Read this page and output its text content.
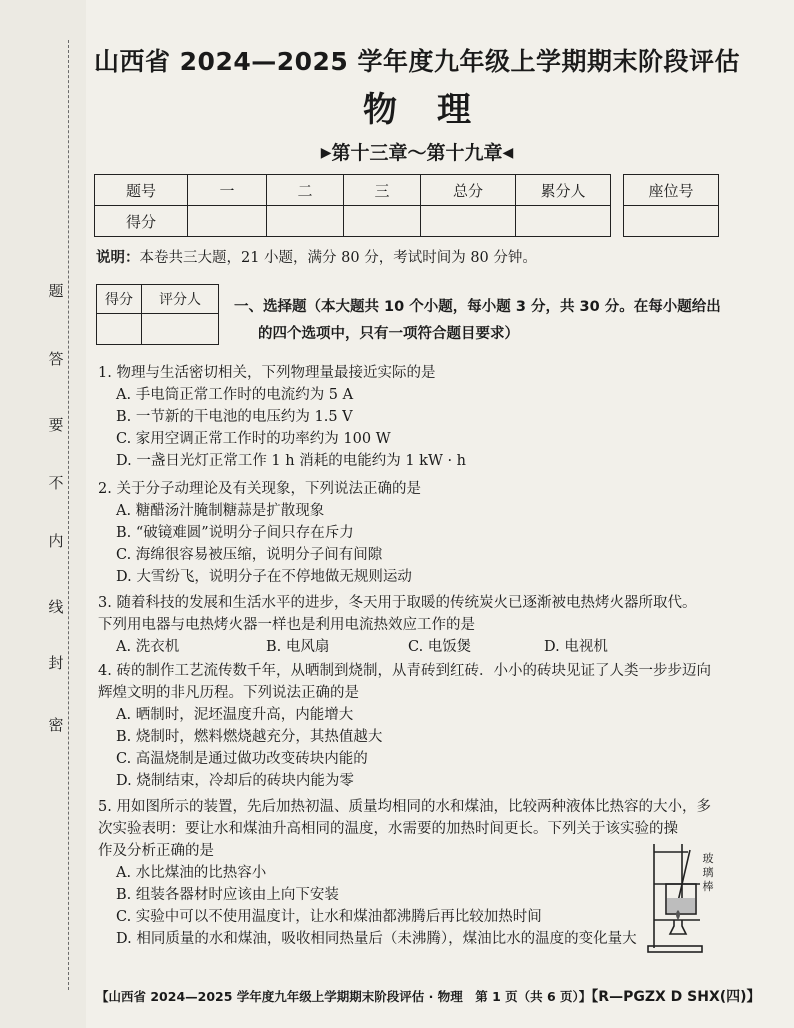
题
答
要
不
内
线
封
密
山西省 2024—2025 学年度九年级上学期期末阶段评估
物理
▶第十三章～第十九章◀
题号	一	二	三	总分	累分人
得分					
座位号

说明：本卷共三大题，21 小题，满分 80 分，考试时间为 80 分钟。
得分	评分人
	一、选择题（本大题共 10 个小题，每小题 3 分，共 30 分。在每小题给出
的四个选项中，只有一项符合题目要求）
1. 物理与生活密切相关，下列物理量最接近实际的是
A. 手电筒正常工作时的电流约为 5 A
B. 一节新的干电池的电压约为 1.5 V
C. 家用空调正常工作时的功率约为 100 W
D. 一盏日光灯正常工作 1 h 消耗的电能约为 1 kW · h
2. 关于分子动理论及有关现象，下列说法正确的是
A. 糖醋汤汁腌制糖蒜是扩散现象
B. “破镜难圆”说明分子间只存在斥力
C. 海绵很容易被压缩，说明分子间有间隙
D. 大雪纷飞，说明分子在不停地做无规则运动
3. 随着科技的发展和生活水平的进步，冬天用于取暖的传统炭火已逐渐被电热烤火器所取代。
下列用电器与电热烤火器一样也是利用电流热效应工作的是
A. 洗衣机	B. 电风扇	C. 电饭煲	D. 电视机
4. 砖的制作工艺流传数千年，从晒制到烧制，从青砖到红砖．小小的砖块见证了人类一步步迈向
辉煌文明的非凡历程。下列说法正确的是
A. 晒制时，泥坯温度升高，内能增大
B. 烧制时，燃料燃烧越充分，其热值越大
C. 高温烧制是通过做功改变砖块内能的
D. 烧制结束，冷却后的砖块内能为零
5. 用如图所示的装置，先后加热初温、质量均相同的水和煤油，比较两种液体比热容的大小，多
次实验表明：要让水和煤油升高相同的温度，水需要的加热时间更长。下列关于该实验的操
作及分析正确的是
A. 水比煤油的比热容小
B. 组装各器材时应该由上向下安装
C. 实验中可以不使用温度计，让水和煤油都沸腾后再比较加热时间
D. 相同质量的水和煤油，吸收相同热量后（未沸腾），煤油比水的温度的变化量大
玻璃棒
【山西省 2024—2025 学年度九年级上学期期末阶段评估 · 物理　第 1 页（共 6 页）】【R—PGZX D SHX(四)】
